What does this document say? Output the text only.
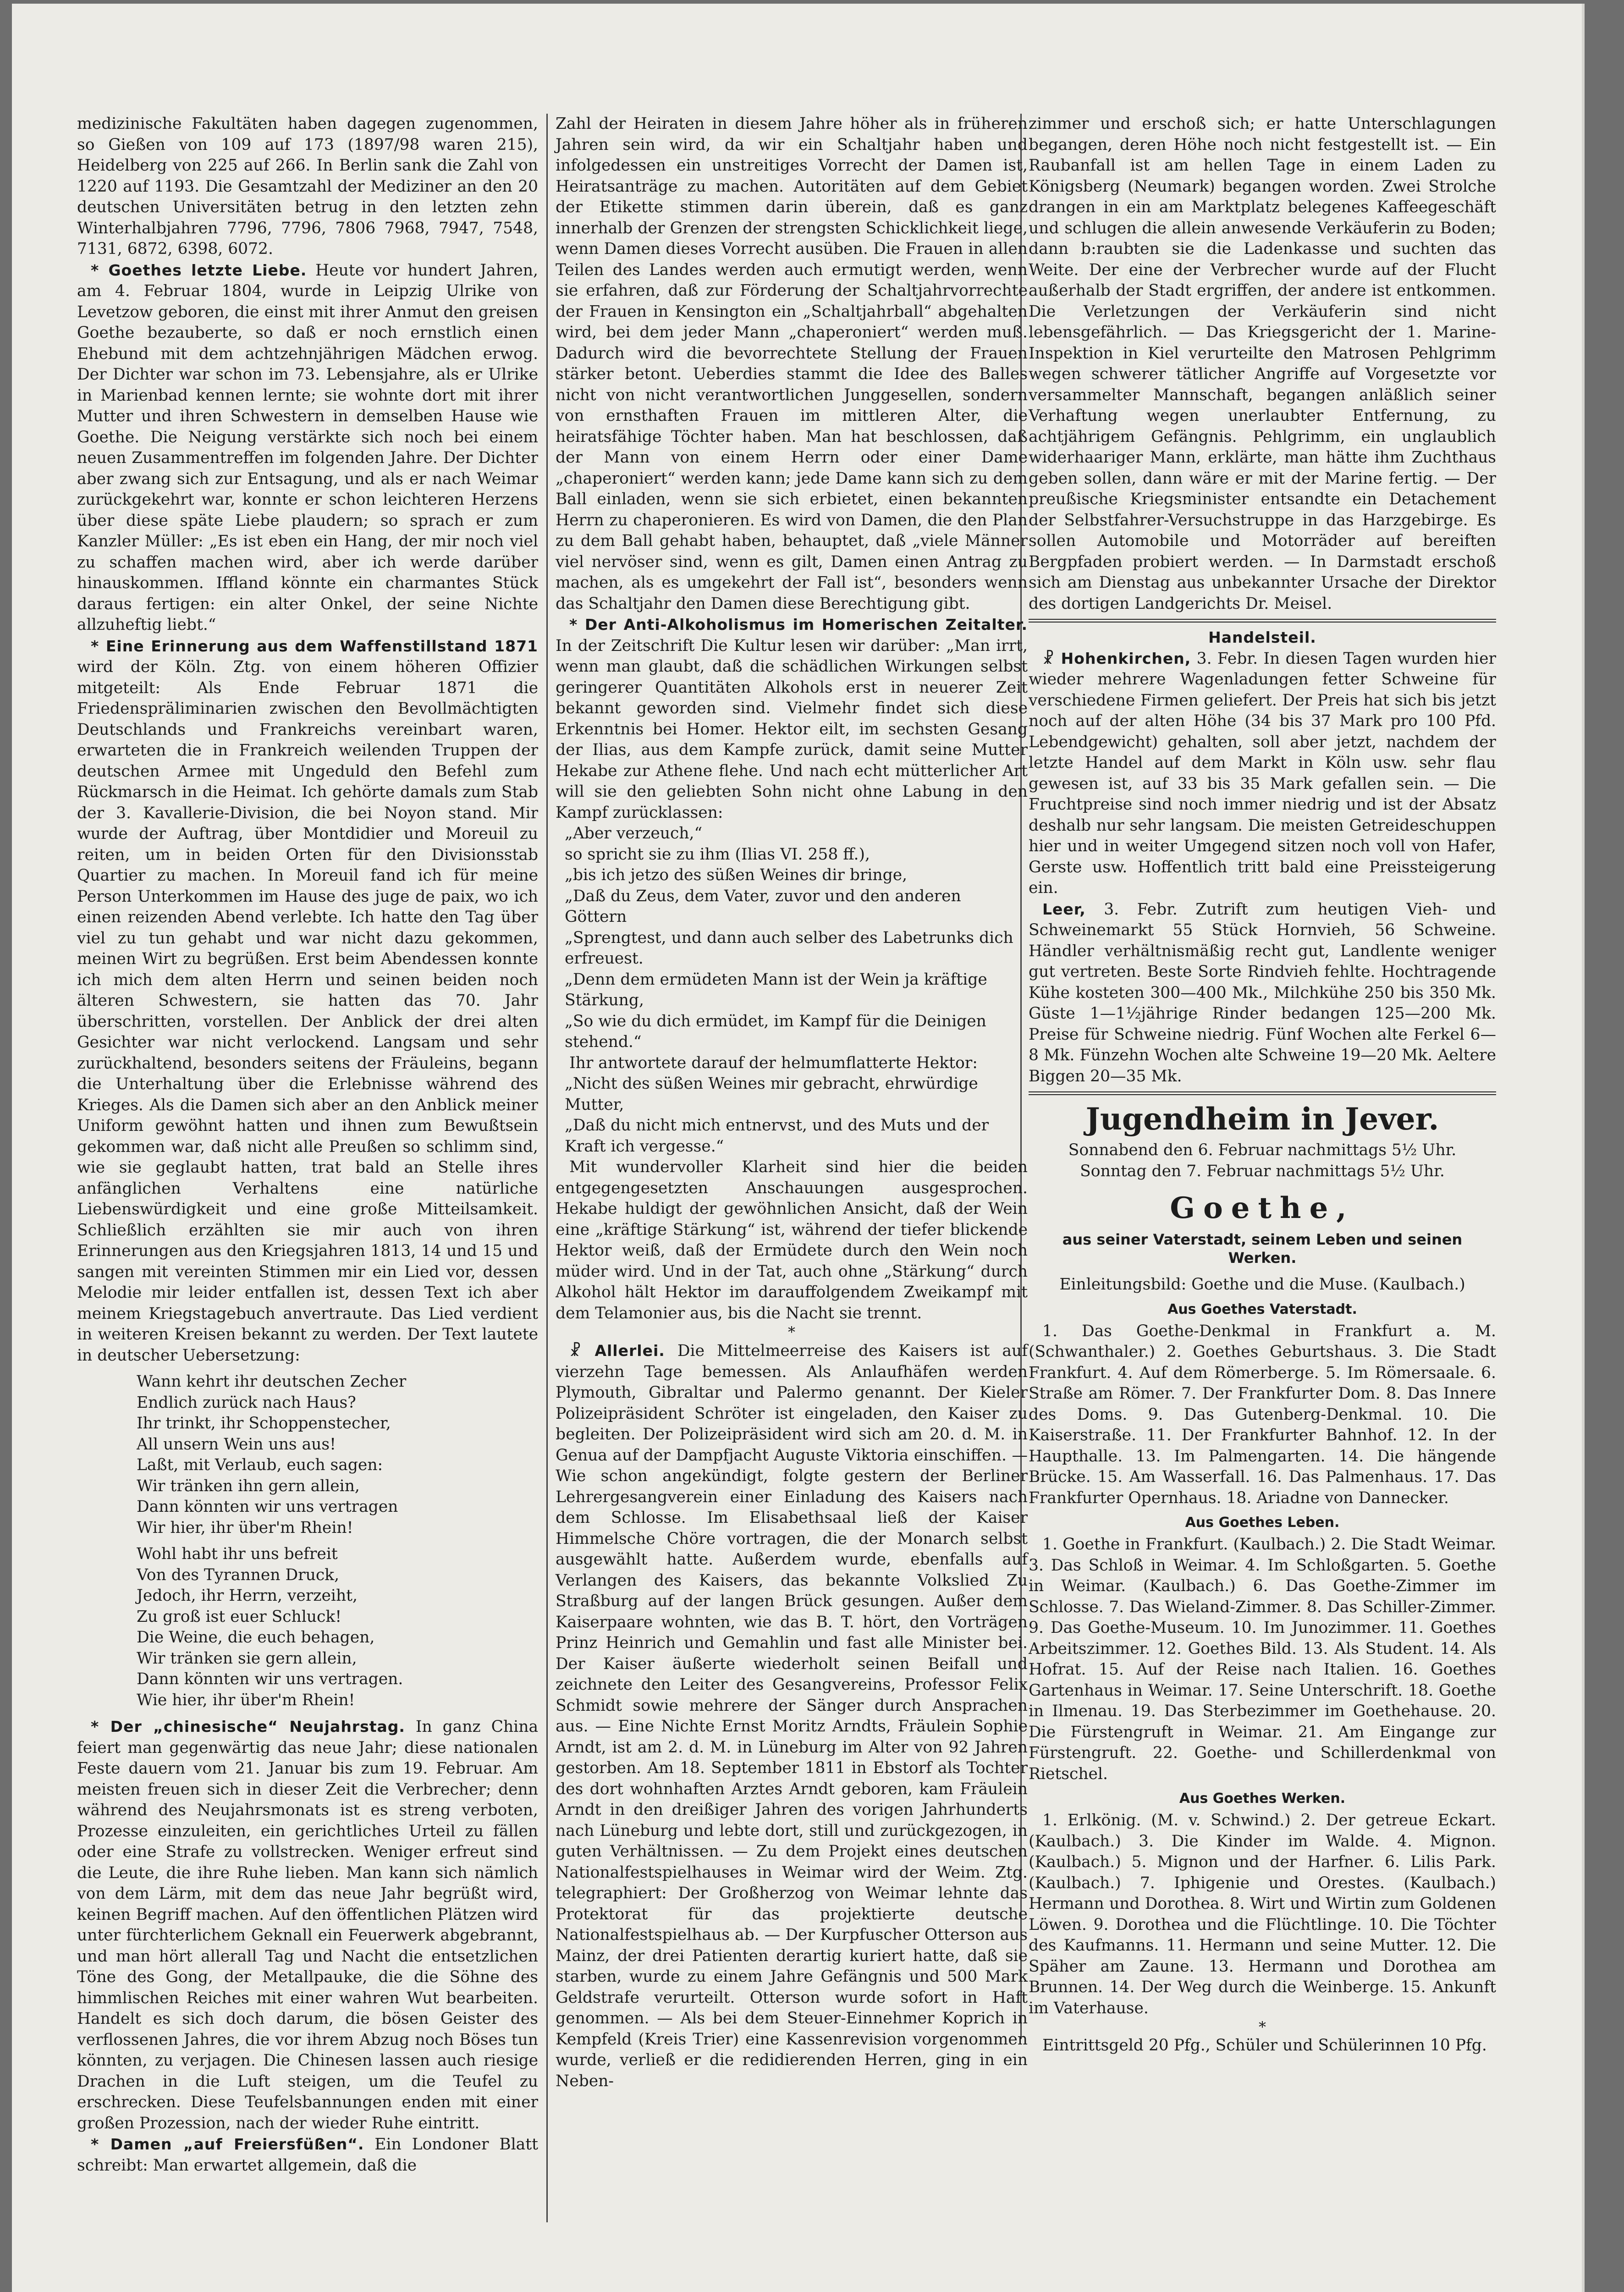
medizinische Fakultäten haben dagegen zugenommen, so Gießen von 109 auf 173 (1897/98 waren 215), Heidelberg von 225 auf 266. In Berlin sank die Zahl von 1220 auf 1193. Die Gesamtzahl der Mediziner an den 20 deutschen Universitäten betrug in den letzten zehn Winterhalbjahren 7796, 7796, 7806 7968, 7947, 7548, 7131, 6872, 6398, 6072.

* Goethes letzte Liebe. Heute vor hundert Jahren, am 4. Februar 1804, wurde in Leipzig Ulrike von Levetzow geboren, die einst mit ihrer Anmut den greisen Goethe bezauberte, so daß er noch ernstlich einen Ehebund mit dem achtzehnjährigen Mädchen erwog. Der Dichter war schon im 73. Lebensjahre, als er Ulrike in Marienbad kennen lernte; sie wohnte dort mit ihrer Mutter und ihren Schwestern in demselben Hause wie Goethe. Die Neigung verstärkte sich noch bei einem neuen Zusammentreffen im folgenden Jahre. Der Dichter aber zwang sich zur Entsagung, und als er nach Weimar zurückgekehrt war, konnte er schon leichteren Herzens über diese späte Liebe plaudern; so sprach er zum Kanzler Müller: „Es ist eben ein Hang, der mir noch viel zu schaffen machen wird, aber ich werde darüber hinauskommen. Iffland könnte ein charmantes Stück daraus fertigen: ein alter Onkel, der seine Nichte allzuheftig liebt.“

* Eine Erinnerung aus dem Waffenstillstand 1871 wird der Köln. Ztg. von einem höheren Offizier mitgeteilt: Als Ende Februar 1871 die Friedenspräliminarien zwischen den Bevollmächtigten Deutschlands und Frankreichs vereinbart waren, erwarteten die in Frankreich weilenden Truppen der deutschen Armee mit Ungeduld den Befehl zum Rückmarsch in die Heimat. Ich gehörte damals zum Stab der 3. Kavallerie-Division, die bei Noyon stand. Mir wurde der Auftrag, über Montdidier und Moreuil zu reiten, um in beiden Orten für den Divisionsstab Quartier zu machen. In Moreuil fand ich für meine Person Unterkommen im Hause des juge de paix, wo ich einen reizenden Abend verlebte. Ich hatte den Tag über viel zu tun gehabt und war nicht dazu gekommen, meinen Wirt zu begrüßen. Erst beim Abendessen konnte ich mich dem alten Herrn und seinen beiden noch älteren Schwestern, sie hatten das 70. Jahr überschritten, vorstellen. Der Anblick der drei alten Gesichter war nicht verlockend. Langsam und sehr zurückhaltend, besonders seitens der Fräuleins, begann die Unterhaltung über die Erlebnisse während des Krieges. Als die Damen sich aber an den Anblick meiner Uniform gewöhnt hatten und ihnen zum Bewußtsein gekommen war, daß nicht alle Preußen so schlimm sind, wie sie geglaubt hatten, trat bald an Stelle ihres anfänglichen Verhaltens eine natürliche Liebenswürdigkeit und eine große Mitteilsamkeit. Schließlich erzählten sie mir auch von ihren Erinnerungen aus den Kriegsjahren 1813, 14 und 15 und sangen mit vereinten Stimmen mir ein Lied vor, dessen Melodie mir leider entfallen ist, dessen Text ich aber meinem Kriegstagebuch anvertraute. Das Lied verdient in weiteren Kreisen bekannt zu werden. Der Text lautete in deutscher Uebersetzung:

Wann kehrt ihr deutschen Zecher

Endlich zurück nach Haus?

Ihr trinkt, ihr Schoppenstecher,

All unsern Wein uns aus!

Laßt, mit Verlaub, euch sagen:

Wir tränken ihn gern allein,

Dann könnten wir uns vertragen

Wir hier, ihr über'm Rhein!

Wohl habt ihr uns befreit

Von des Tyrannen Druck,

Jedoch, ihr Herrn, verzeiht,

Zu groß ist euer Schluck!

Die Weine, die euch behagen,

Wir tränken sie gern allein,

Dann könnten wir uns vertragen.

Wie hier, ihr über'm Rhein!

* Der „chinesische“ Neujahrstag. In ganz China feiert man gegenwärtig das neue Jahr; diese nationalen Feste dauern vom 21. Januar bis zum 19. Februar. Am meisten freuen sich in dieser Zeit die Verbrecher; denn während des Neujahrsmonats ist es streng verboten, Prozesse einzuleiten, ein gerichtliches Urteil zu fällen oder eine Strafe zu vollstrecken. Weniger erfreut sind die Leute, die ihre Ruhe lieben. Man kann sich nämlich von dem Lärm, mit dem das neue Jahr begrüßt wird, keinen Begriff machen. Auf den öffentlichen Plätzen wird unter fürchterlichem Geknall ein Feuerwerk abgebrannt, und man hört allerall Tag und Nacht die entsetzlichen Töne des Gong, der Metallpauke, die die Söhne des himmlischen Reiches mit einer wahren Wut bearbeiten. Handelt es sich doch darum, die bösen Geister des verflossenen Jahres, die vor ihrem Abzug noch Böses tun könnten, zu verjagen. Die Chinesen lassen auch riesige Drachen in die Luft steigen, um die Teufel zu erschrecken. Diese Teufelsbannungen enden mit einer großen Prozession, nach der wieder Ruhe eintritt.

* Damen „auf Freiersfüßen“. Ein Londoner Blatt schreibt: Man erwartet allgemein, daß die

Zahl der Heiraten in diesem Jahre höher als in früheren Jahren sein wird, da wir ein Schaltjahr haben und infolgedessen ein unstreitiges Vorrecht der Damen ist, Heiratsanträge zu machen. Autoritäten auf dem Gebiet der Etikette stimmen darin überein, daß es ganz innerhalb der Grenzen der strengsten Schicklichkeit liege, wenn Damen dieses Vorrecht ausüben. Die Frauen in allen Teilen des Landes werden auch ermutigt werden, wenn sie erfahren, daß zur Förderung der Schaltjahrvorrechte der Frauen in Kensington ein „Schaltjahrball“ abgehalten wird, bei dem jeder Mann „chaperoniert“ werden muß. Dadurch wird die bevorrechtete Stellung der Frauen stärker betont. Ueberdies stammt die Idee des Balles nicht von nicht verantwortlichen Junggesellen, sondern von ernsthaften Frauen im mittleren Alter, die heiratsfähige Töchter haben. Man hat beschlossen, daß der Mann von einem Herrn oder einer Dame „chaperoniert“ werden kann; jede Dame kann sich zu dem Ball einladen, wenn sie sich erbietet, einen bekannten Herrn zu chaperonieren. Es wird von Damen, die den Plan zu dem Ball gehabt haben, behauptet, daß „viele Männer viel nervöser sind, wenn es gilt, Damen einen Antrag zu machen, als es umgekehrt der Fall ist“, besonders wenn das Schaltjahr den Damen diese Berechtigung gibt.

* Der Anti-Alkoholismus im Homerischen Zeitalter. In der Zeitschrift Die Kultur lesen wir darüber: „Man irrt, wenn man glaubt, daß die schädlichen Wirkungen selbst geringerer Quantitäten Alkohols erst in neuerer Zeit bekannt geworden sind. Vielmehr findet sich diese Erkenntnis bei Homer. Hektor eilt, im sechsten Gesang der Ilias, aus dem Kampfe zurück, damit seine Mutter Hekabe zur Athene flehe. Und nach echt mütterlicher Art will sie den geliebten Sohn nicht ohne Labung in den Kampf zurücklassen:

„Aber verzeuch,“

so spricht sie zu ihm (Ilias VI. 258 ff.),

„bis ich jetzo des süßen Weines dir bringe,

„Daß du Zeus, dem Vater, zuvor und den anderen Göttern

„Sprengtest, und dann auch selber des Labetrunks dich erfreuest.

„Denn dem ermüdeten Mann ist der Wein ja kräftige Stärkung,

„So wie du dich ermüdet, im Kampf für die Deinigen stehend.“

Ihr antwortete darauf der helmumflatterte Hektor:

„Nicht des süßen Weines mir gebracht, ehrwürdige Mutter,

„Daß du nicht mich entnervst, und des Muts und der Kraft ich vergesse.“

Mit wundervoller Klarheit sind hier die beiden entgegengesetzten Anschauungen ausgesprochen. Hekabe huldigt der gewöhnlichen Ansicht, daß der Wein eine „kräftige Stärkung“ ist, während der tiefer blickende Hektor weiß, daß der Ermüdete durch den Wein noch müder wird. Und in der Tat, auch ohne „Stärkung“ durch Alkohol hält Hektor im darauffolgendem Zweikampf mit dem Telamonier aus, bis die Nacht sie trennt.

*

☧ Allerlei. Die Mittelmeerreise des Kaisers ist auf vierzehn Tage bemessen. Als Anlaufhäfen werden Plymouth, Gibraltar und Palermo genannt. Der Kieler Polizeipräsident Schröter ist eingeladen, den Kaiser zu begleiten. Der Polizeipräsident wird sich am 20. d. M. in Genua auf der Dampfjacht Auguste Viktoria einschiffen. — Wie schon angekündigt, folgte gestern der Berliner Lehrergesangverein einer Einladung des Kaisers nach dem Schlosse. Im Elisabethsaal ließ der Kaiser Himmelsche Chöre vortragen, die der Monarch selbst ausgewählt hatte. Außerdem wurde, ebenfalls auf Verlangen des Kaisers, das bekannte Volkslied Zu Straßburg auf der langen Brück gesungen. Außer dem Kaiserpaare wohnten, wie das B. T. hört, den Vorträgen Prinz Heinrich und Gemahlin und fast alle Minister bei. Der Kaiser äußerte wiederholt seinen Beifall und zeichnete den Leiter des Gesangvereins, Professor Felix Schmidt sowie mehrere der Sänger durch Ansprachen aus. — Eine Nichte Ernst Moritz Arndts, Fräulein Sophie Arndt, ist am 2. d. M. in Lüneburg im Alter von 92 Jahren gestorben. Am 18. September 1811 in Ebstorf als Tochter des dort wohnhaften Arztes Arndt geboren, kam Fräulein Arndt in den dreißiger Jahren des vorigen Jahrhunderts nach Lüneburg und lebte dort, still und zurückgezogen, in guten Verhältnissen. — Zu dem Projekt eines deutschen Nationalfestspielhauses in Weimar wird der Weim. Ztg. telegraphiert: Der Großherzog von Weimar lehnte das Protektorat für das projektierte deutsche Nationalfestspielhaus ab. — Der Kurpfuscher Otterson aus Mainz, der drei Patienten derartig kuriert hatte, daß sie starben, wurde zu einem Jahre Gefängnis und 500 Mark Geldstrafe verurteilt. Otterson wurde sofort in Haft genommen. — Als bei dem Steuer-Einnehmer Koprich in Kempfeld (Kreis Trier) eine Kassenrevision vorgenommen wurde, verließ er die redidierenden Herren, ging in ein Neben-

zimmer und erschoß sich; er hatte Unterschlagungen begangen, deren Höhe noch nicht festgestellt ist. — Ein Raubanfall ist am hellen Tage in einem Laden zu Königsberg (Neumark) begangen worden. Zwei Strolche drangen in ein am Marktplatz belegenes Kaffeegeschäft und schlugen die allein anwesende Verkäuferin zu Boden; dann b:raubten sie die Ladenkasse und suchten das Weite. Der eine der Verbrecher wurde auf der Flucht außerhalb der Stadt ergriffen, der andere ist entkommen. Die Verletzungen der Verkäuferin sind nicht lebensgefährlich. — Das Kriegsgericht der 1. Marine-Inspektion in Kiel verurteilte den Matrosen Pehlgrimm wegen schwerer tätlicher Angriffe auf Vorgesetzte vor versammelter Mannschaft, begangen anläßlich seiner Verhaftung wegen unerlaubter Entfernung, zu achtjährigem Gefängnis. Pehlgrimm, ein unglaublich widerhaariger Mann, erklärte, man hätte ihm Zuchthaus geben sollen, dann wäre er mit der Marine fertig. — Der preußische Kriegsminister entsandte ein Detachement der Selbstfahrer-Versuchstruppe in das Harzgebirge. Es sollen Automobile und Motorräder auf bereiften Bergpfaden probiert werden. — In Darmstadt erschoß sich am Dienstag aus unbekannter Ursache der Direktor des dortigen Landgerichts Dr. Meisel.

Handelsteil.

☧ Hohenkirchen, 3. Febr. In diesen Tagen wurden hier wieder mehrere Wagenladungen fetter Schweine für verschiedene Firmen geliefert. Der Preis hat sich bis jetzt noch auf der alten Höhe (34 bis 37 Mark pro 100 Pfd. Lebendgewicht) gehalten, soll aber jetzt, nachdem der letzte Handel auf dem Markt in Köln usw. sehr flau gewesen ist, auf 33 bis 35 Mark gefallen sein. — Die Fruchtpreise sind noch immer niedrig und ist der Absatz deshalb nur sehr langsam. Die meisten Getreideschuppen hier und in weiter Umgegend sitzen noch voll von Hafer, Gerste usw. Hoffentlich tritt bald eine Preissteigerung ein.

Leer, 3. Febr. Zutrift zum heutigen Vieh- und Schweinemarkt 55 Stück Hornvieh, 56 Schweine. Händler verhältnismäßig recht gut, Landlente weniger gut vertreten. Beste Sorte Rindvieh fehlte. Hochtragende Kühe kosteten 300—400 Mk., Milchkühe 250 bis 350 Mk. Güste 1—1½jährige Rinder bedangen 125—200 Mk. Preise für Schweine niedrig. Fünf Wochen alte Ferkel 6—8 Mk. Fünzehn Wochen alte Schweine 19—20 Mk. Aeltere Biggen 20—35 Mk.

Jugendheim in Jever.

Sonnabend den 6. Februar nachmittags 5½ Uhr.

Sonntag den 7. Februar nachmittags 5½ Uhr.

Goethe,
aus seiner Vaterstadt, seinem Leben und seinen Werken.

Einleitungsbild: Goethe und die Muse. (Kaulbach.)

Aus Goethes Vaterstadt.

1. Das Goethe-Denkmal in Frankfurt a. M. (Schwanthaler.) 2. Goethes Geburtshaus. 3. Die Stadt Frankfurt. 4. Auf dem Römerberge. 5. Im Römersaale. 6. Straße am Römer. 7. Der Frankfurter Dom. 8. Das Innere des Doms. 9. Das Gutenberg-Denkmal. 10. Die Kaiserstraße. 11. Der Frankfurter Bahnhof. 12. In der Haupthalle. 13. Im Palmengarten. 14. Die hängende Brücke. 15. Am Wasserfall. 16. Das Palmenhaus. 17. Das Frankfurter Opernhaus. 18. Ariadne von Dannecker.

Aus Goethes Leben.

1. Goethe in Frankfurt. (Kaulbach.) 2. Die Stadt Weimar. 3. Das Schloß in Weimar. 4. Im Schloßgarten. 5. Goethe in Weimar. (Kaulbach.) 6. Das Goethe-Zimmer im Schlosse. 7. Das Wieland-Zimmer. 8. Das Schiller-Zimmer. 9. Das Goethe-Museum. 10. Im Junozimmer. 11. Goethes Arbeitszimmer. 12. Goethes Bild. 13. Als Student. 14. Als Hofrat. 15. Auf der Reise nach Italien. 16. Goethes Gartenhaus in Weimar. 17. Seine Unterschrift. 18. Goethe in Ilmenau. 19. Das Sterbezimmer im Goethehause. 20. Die Fürstengruft in Weimar. 21. Am Eingange zur Fürstengruft. 22. Goethe- und Schillerdenkmal von Rietschel.

Aus Goethes Werken.

1. Erlkönig. (M. v. Schwind.) 2. Der getreue Eckart. (Kaulbach.) 3. Die Kinder im Walde. 4. Mignon. (Kaulbach.) 5. Mignon und der Harfner. 6. Lilis Park. (Kaulbach.) 7. Iphigenie und Orestes. (Kaulbach.) Hermann und Dorothea. 8. Wirt und Wirtin zum Goldenen Löwen. 9. Dorothea und die Flüchtlinge. 10. Die Töchter des Kaufmanns. 11. Hermann und seine Mutter. 12. Die Späher am Zaune. 13. Hermann und Dorothea am Brunnen. 14. Der Weg durch die Weinberge. 15. Ankunft im Vaterhause.

*

Eintrittsgeld 20 Pfg., Schüler und Schülerinnen 10 Pfg.
